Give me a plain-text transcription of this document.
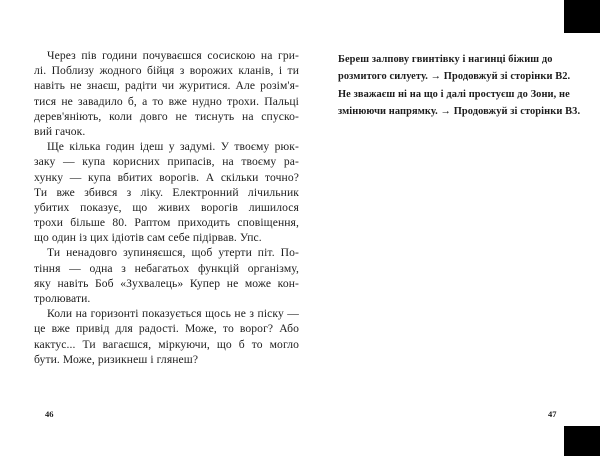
Через пів години почуваєшся сосискою на гри-
лі. Поблизу жодного бійця з ворожих кланів, і ти
навіть не знаєш, радіти чи журитися. Але розім'я-
тися не завадило б, а то вже нудно трохи. Пальці
дерев'яніють, коли довго не тиснуть на спуско-
вий гачок.
Ще кілька годин ідеш у задумі. У твоєму рюк-
заку — купа корисних припасів, на твоєму ра-
хунку — купа вбитих ворогів. А скільки точно?
Ти вже збився з ліку. Електронний лічильник
убитих показує, що живих ворогів лишилося
трохи більше 80. Раптом приходить сповіщення,
що один із цих ідіотів сам себе підірвав. Упс.
Ти ненадовго зупиняєшся, щоб утерти піт. По-
тіння — одна з небагатьох функцій організму,
яку навіть Боб «Зухвалець» Купер не може кон-
тролювати.
Коли на горизонті показується щось не з піску —
це вже привід для радості. Може, то ворог? Або
кактус... Ти вагаєшся, міркуючи, що б то могло
бути. Може, ризикнеш і глянеш?
Береш залпову гвинтівку і нагинці біжиш до
розмитого силуету. → Продовжуй зі сторінки В2.
Не зважаєш ні на що і далі простуєш до Зони, не
змінюючи напрямку. → Продовжуй зі сторінки В3.
46	47
